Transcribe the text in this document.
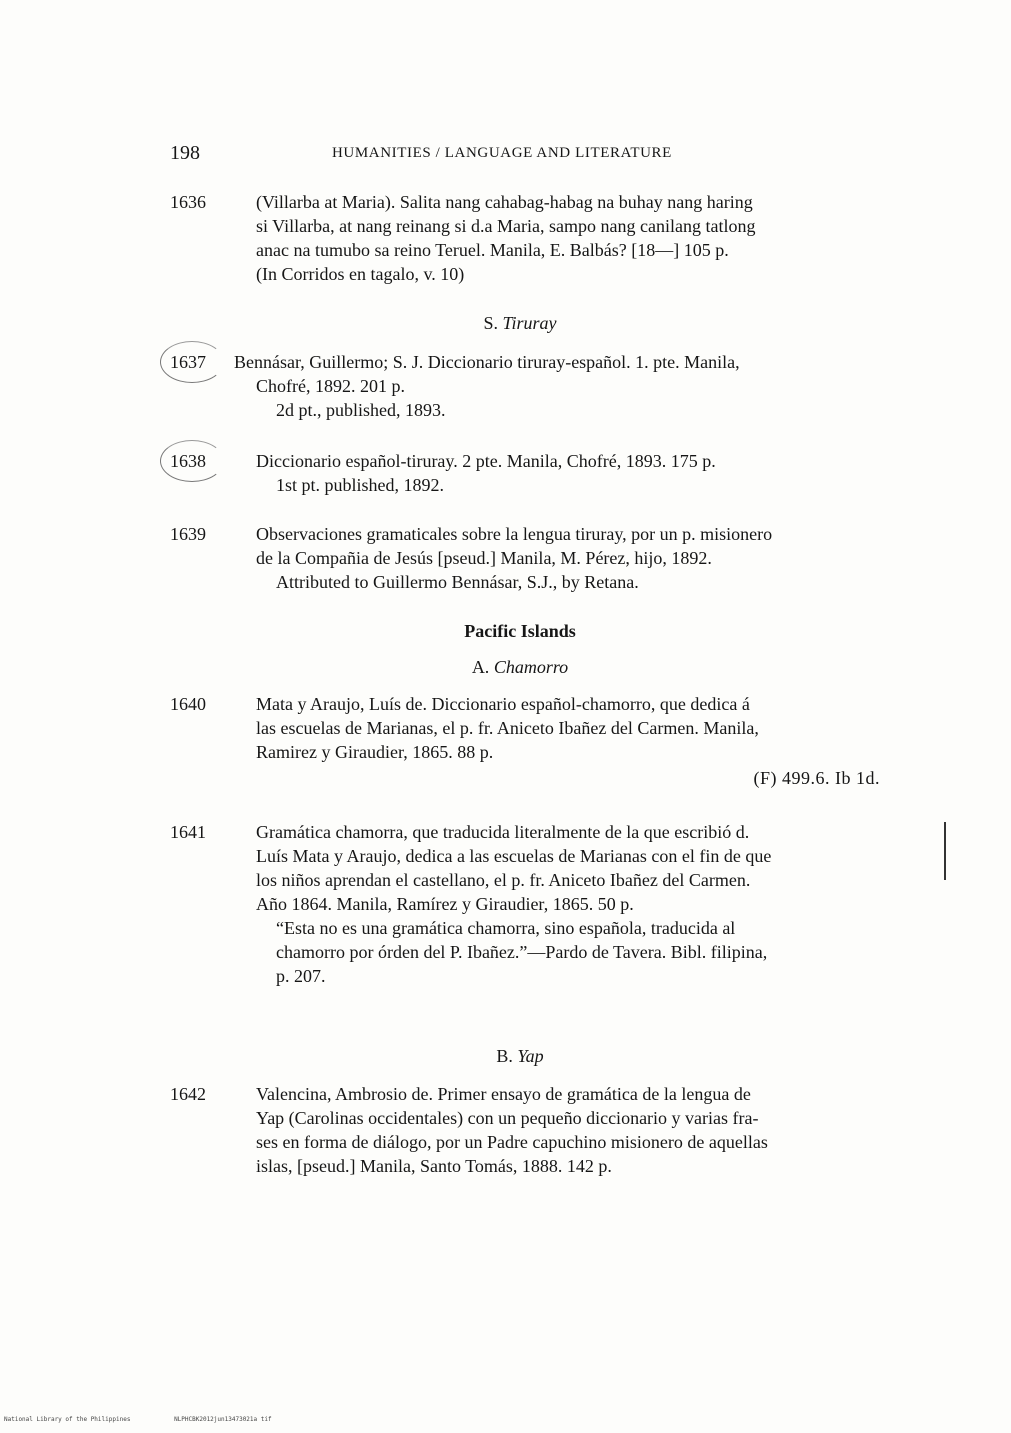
198	HUMANITIES / LANGUAGE AND LITERATURE
1636	(Villarba at Maria). Salita nang cahabag-habag na buhay nang haring
si Villarba, at nang reinang si d.a Maria, sampo nang canilang tatlong
anac na tumubo sa reino Teruel. Manila, E. Balbás? [18—] 105 p.
(In Corridos en tagalo, v. 10)
S. Tiruray
1637	Bennásar, Guillermo; S. J. Diccionario tiruray-español. 1. pte. Manila,
Chofré, 1892. 201 p.
2d pt., published, 1893.
1638	Diccionario español-tiruray. 2 pte. Manila, Chofré, 1893. 175 p.
1st pt. published, 1892.
1639	Observaciones gramaticales sobre la lengua tiruray, por un p. misionero
de la Compañia de Jesús [pseud.] Manila, M. Pérez, hijo, 1892.
Attributed to Guillermo Bennásar, S.J., by Retana.
Pacific Islands
A. Chamorro
1640	Mata y Araujo, Luís de. Diccionario español-chamorro, que dedica á
las escuelas de Marianas, el p. fr. Aniceto Ibañez del Carmen. Manila,
Ramirez y Giraudier, 1865. 88 p.
(F) 499.6. Ib 1d.
1641	Gramática chamorra, que traducida literalmente de la que escribió d.
Luís Mata y Araujo, dedica a las escuelas de Marianas con el fin de que
los niños aprendan el castellano, el p. fr. Aniceto Ibañez del Carmen.
Año 1864. Manila, Ramírez y Giraudier, 1865. 50 p.
“Esta no es una gramática chamorra, sino española, traducida al
chamorro por órden del P. Ibañez.”—Pardo de Tavera. Bibl. filipina,
p. 207.
B. Yap
1642	Valencina, Ambrosio de. Primer ensayo de gramática de la lengua de
Yap (Carolinas occidentales) con un pequeño diccionario y varias fra-
ses en forma de diálogo, por un Padre capuchino misionero de aquellas
islas, [pseud.] Manila, Santo Tomás, 1888. 142 p.
National Library of the Philippines	NLPHCBK2012jun13473021a tif
